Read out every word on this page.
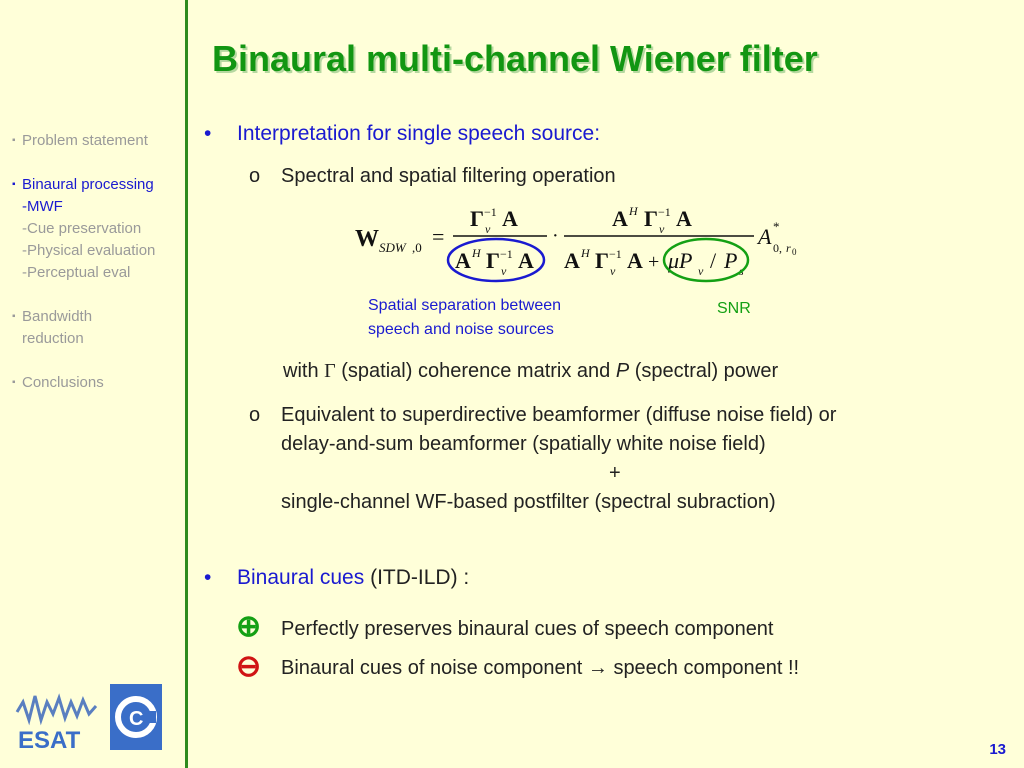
Binaural multi-channel Wiener filter
▪ Problem statement
▪ Binaural processing
-MWF
-Cue preservation
-Physical evaluation
-Perceptual eval
▪ Bandwidth
reduction
▪ Conclusions
• Interpretation for single speech source:
o Spectral and spatial filtering operation
W SDW ,0 =
Γ −1
v A
A H Γ −1
v A
·
A H Γ −1
v A
A H Γ −1
v A + μP v / P s
A *
0, r 0
Spatial separation between
speech and noise sources
SNR
with Γ (spatial) coherence matrix and P (spectral) power
o Equivalent to superdirective beamformer (diffuse noise field) or
delay-and-sum beamformer (spatially white noise field)
+
single-channel WF-based postfilter (spectral subraction)
• Binaural cues (ITD-ILD) :
⊕ Perfectly preserves binaural cues of speech component
⊖ Binaural cues of noise component → speech component !!
ESAT
C
13
